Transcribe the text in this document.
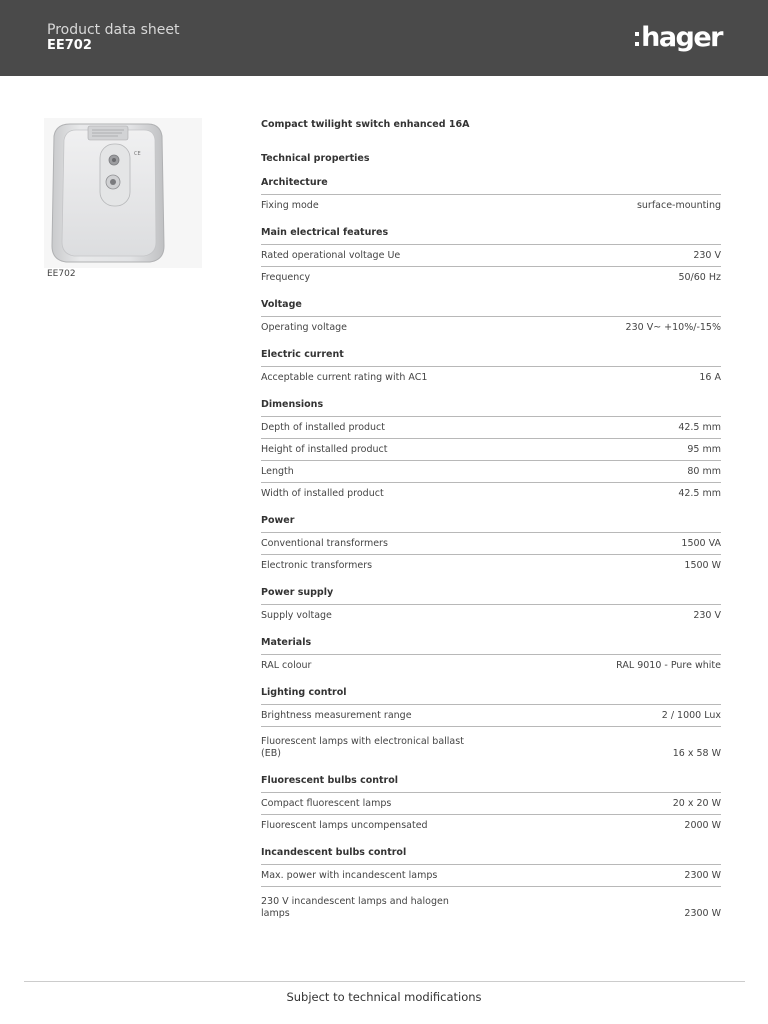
Product data sheet
EE702	hager
CE
EE702
Compact twilight switch enhanced 16A
Technical properties
Architecture
Fixing mode	surface-mounting
Main electrical features
Rated operational voltage Ue	230 V
Frequency	50/60 Hz
Voltage
Operating voltage	230 V~ +10%/-15%
Electric current
Acceptable current rating with AC1	16 A
Dimensions
Depth of installed product	42.5 mm
Height of installed product	95 mm
Length	80 mm
Width of installed product	42.5 mm
Power
Conventional transformers	1500 VA
Electronic transformers	1500 W
Power supply
Supply voltage	230 V
Materials
RAL colour	RAL 9010 - Pure white
Lighting control
Brightness measurement range	2 / 1000 Lux
Fluorescent lamps with electronical ballast (EB)	16 x 58 W
Fluorescent bulbs control
Compact fluorescent lamps	20 x 20 W
Fluorescent lamps uncompensated	2000 W
Incandescent bulbs control
Max. power with incandescent lamps	2300 W
230 V incandescent lamps and halogen lamps	2300 W
Subject to technical modifications
